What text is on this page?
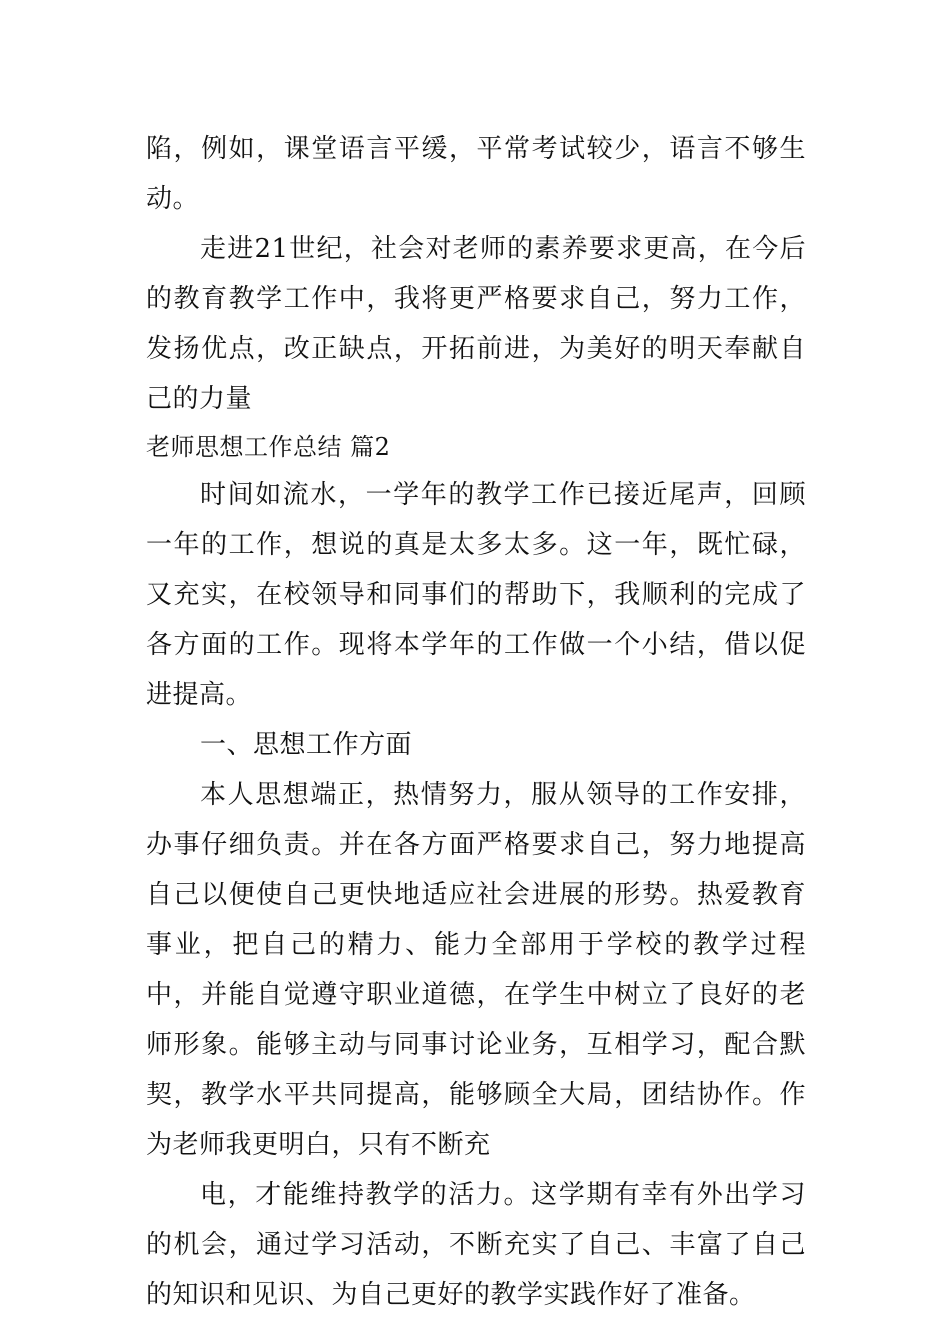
陷，例如，课堂语言平缓，平常考试较少，语言不够生动。

走进21世纪，社会对老师的素养要求更高，在今后的教育教学工作中，我将更严格要求自己，努力工作，发扬优点，改正缺点，开拓前进，为美好的明天奉献自己的力量

老师思想工作总结 篇2

时间如流水，一学年的教学工作已接近尾声，回顾一年的工作，想说的真是太多太多。这一年，既忙碌，又充实，在校领导和同事们的帮助下，我顺利的完成了各方面的工作。现将本学年的工作做一个小结，借以促进提高。

一、思想工作方面

本人思想端正，热情努力，服从领导的工作安排，办事仔细负责。并在各方面严格要求自己，努力地提高自己以便使自己更快地适应社会进展的形势。热爱教育事业，把自己的精力、能力全部用于学校的教学过程中，并能自觉遵守职业道德，在学生中树立了良好的老师形象。能够主动与同事讨论业务，互相学习，配合默契，教学水平共同提高，能够顾全大局，团结协作。作为老师我更明白，只有不断充

电，才能维持教学的活力。这学期有幸有外出学习的机会，通过学习活动，不断充实了自己、丰富了自己的知识和见识、为自己更好的教学实践作好了准备。
